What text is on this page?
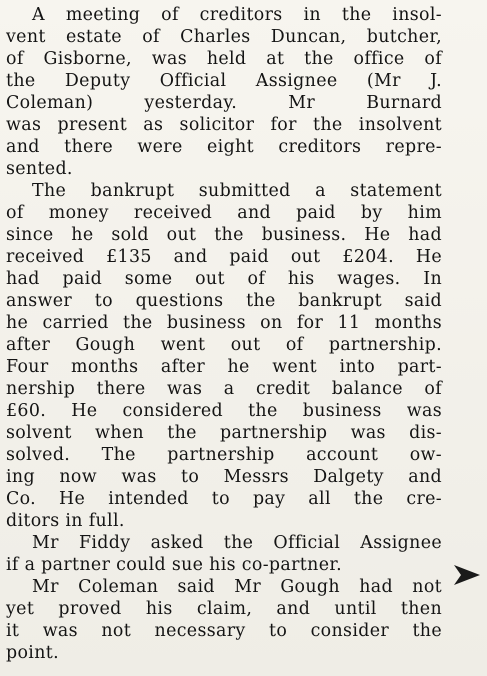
A meeting of creditors in the insol-
vent estate of Charles Duncan, butcher,
of Gisborne, was held at the office of
the Deputy Official Assignee (Mr J.
Coleman) yesterday. Mr Burnard
was present as solicitor for the insolvent
and there were eight creditors repre-
sented.
The bankrupt submitted a statement
of money received and paid by him
since he sold out the business. He had
received £135 and paid out £204. He
had paid some out of his wages. In
answer to questions the bankrupt said
he carried the business on for 11 months
after Gough went out of partnership.
Four months after he went into part-
nership there was a credit balance of
£60. He considered the business was
solvent when the partnership was dis-
solved. The partnership account ow-
ing now was to Messrs Dalgety and
Co. He intended to pay all the cre-
ditors in full.
Mr Fiddy asked the Official Assignee
if a partner could sue his co-partner.
Mr Coleman said Mr Gough had not
yet proved his claim, and until then
it was not necessary to consider the
point.
